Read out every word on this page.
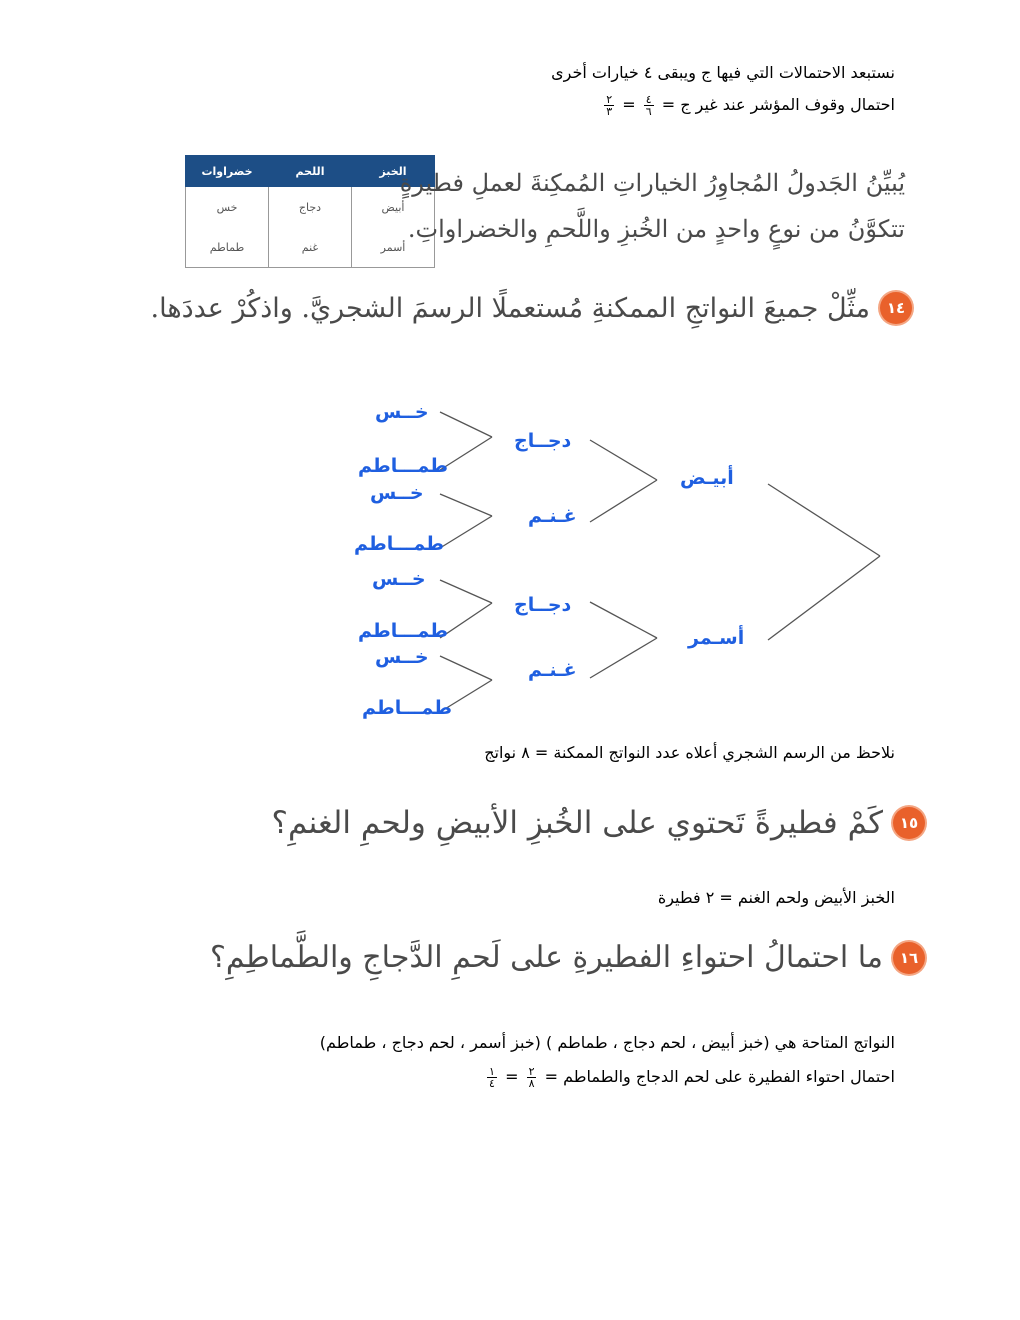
نستبعد الاحتمالات التي فيها ج ويبقى ٤ خيارات أخرى
احتمال وقوف المؤشر عند غير ج =
$\frac{٤}{٦}$
=
$\frac{٢}{٣}$
الخبز	اللحم	خضراوات
أبيض	دجاج	خس
أسمر	غنم	طماطم
يُبيِّنُ الجَدولُ المُجاوِرُ الخياراتِ المُمكِنةَ لعملِ فطيرةٍ
تتكوَّنُ من نوعٍ واحدٍ من الخُبزِ واللَّحمِ والخضراواتِ.
١٤
مثِّلْ جميعَ النواتجِ الممكنةِ مُستعملًا الرسمَ الشجريَّ. واذكُرْ عددَها.
أبيـض
أسـمر
دجــاج
غـنـم
دجــاج
غـنـم
خــس
طمـــاطم
خــس
طمـــاطم
خــس
طمـــاطم
خــس
طمـــاطم
نلاحظ من الرسم الشجري أعلاه عدد النواتج الممكنة = ٨ نواتج
١٥
كَمْ فطيرةً تَحتوي على الخُبزِ الأبيضِ ولحمِ الغنمِ؟
الخبز الأبيض ولحم الغنم = ٢ فطيرة
١٦
ما احتمالُ احتواءِ الفطيرةِ على لَحمِ الدَّجاجِ والطَّماطِمِ؟
النواتج المتاحة هي (خبز أبيض ، لحم دجاج ، طماطم ) (خبز أسمر ، لحم دجاج ، طماطم)
احتمال احتواء الفطيرة على لحم الدجاج والطماطم =
$\frac{٢}{٨}$
=
$\frac{١}{٤}$
